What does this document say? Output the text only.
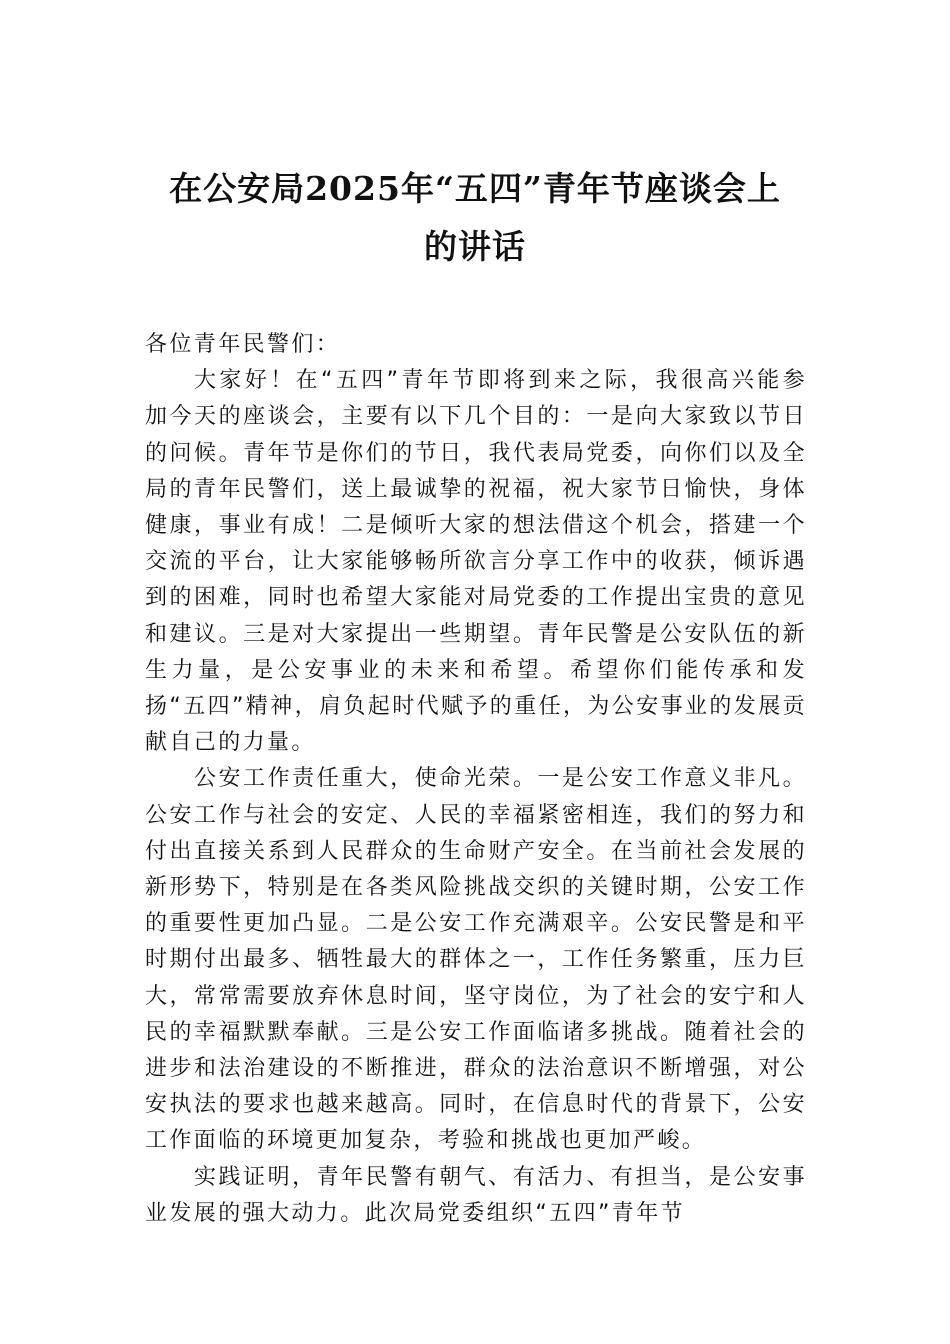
在公安局2025年“五四”青年节座谈会上
的讲话

各位青年民警们：

大家好！在“五四”青年节即将到来之际，我很高兴能参加今天的座谈会，主要有以下几个目的：一是向大家致以节日的问候。青年节是你们的节日，我代表局党委，向你们以及全局的青年民警们，送上最诚挚的祝福，祝大家节日愉快，身体健康，事业有成！二是倾听大家的想法借这个机会，搭建一个交流的平台，让大家能够畅所欲言分享工作中的收获，倾诉遇到的困难，同时也希望大家能对局党委的工作提出宝贵的意见和建议。三是对大家提出一些期望。青年民警是公安队伍的新生力量，是公安事业的未来和希望。希望你们能传承和发扬“五四”精神，肩负起时代赋予的重任，为公安事业的发展贡献自己的力量。

公安工作责任重大，使命光荣。一是公安工作意义非凡。公安工作与社会的安定、人民的幸福紧密相连，我们的努力和付出直接关系到人民群众的生命财产安全。在当前社会发展的新形势下，特别是在各类风险挑战交织的关键时期，公安工作的重要性更加凸显。二是公安工作充满艰辛。公安民警是和平时期付出最多、牺牲最大的群体之一，工作任务繁重，压力巨大，常常需要放弃休息时间，坚守岗位，为了社会的安宁和人民的幸福默默奉献。三是公安工作面临诸多挑战。随着社会的进步和法治建设的不断推进，群众的法治意识不断增强，对公安执法的要求也越来越高。同时，在信息时代的背景下，公安工作面临的环境更加复杂，考验和挑战也更加严峻。

实践证明，青年民警有朝气、有活力、有担当，是公安事业发展的强大动力。此次局党委组织“五四”青年节
